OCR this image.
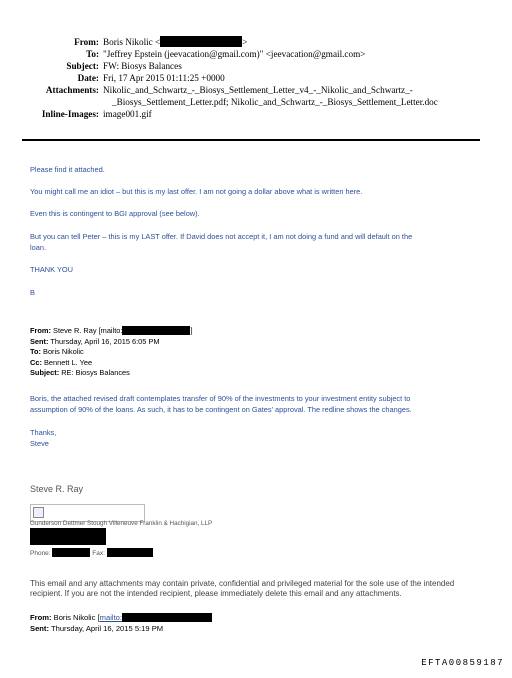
From: Boris Nikolic <	>
To: "Jeffrey Epstein (jeevacation@gmail.com)" <jeevacation@gmail.com>
Subject: FW: Biosys Balances
Date: Fri, 17 Apr 2015 01:11:25 +0000
Attachments: Nikolic_and_Schwartz_-_Biosys_Settlement_Letter_v4_-_Nikolic_and_Schwartz_-
_Biosys_Settlement_Letter.pdf; Nikolic_and_Schwartz_-_Biosys_Settlement_Letter.doc
Inline-Images: image001.gif
Please find it attached.
You might call me an idiot – but this is my last offer. I am not going a dollar above what is written here.
Even this is contingent to BGI approval (see below).
But you can tell Peter – this is my LAST offer. If David does not accept it, I am not doing a fund and will default on the
loan.
THANK YOU
B
From: Steve R. Ray [mailto:	]
Sent: Thursday, April 16, 2015 6:05 PM
To: Boris Nikolic
Cc: Bennett L. Yee
Subject: RE: Biosys Balances
Boris, the attached revised draft contemplates transfer of 90% of the investments to your investment entity subject to
assumption of 90% of the loans. As such, it has to be contingent on Gates' approval. The redline shows the changes.
Thanks,
Steve
Steve R. Ray
Gunderson Dettmer Stough Villeneuve Franklin & Hachigian, LLP
Phone:	Fax:
This email and any attachments may contain private, confidential and privileged material for the sole use of the intended recipient. If you are not the intended recipient, please immediately delete this email and any attachments.
From: Boris Nikolic [mailto:
Sent: Thursday, April 16, 2015 5:19 PM
EFTA00859187
